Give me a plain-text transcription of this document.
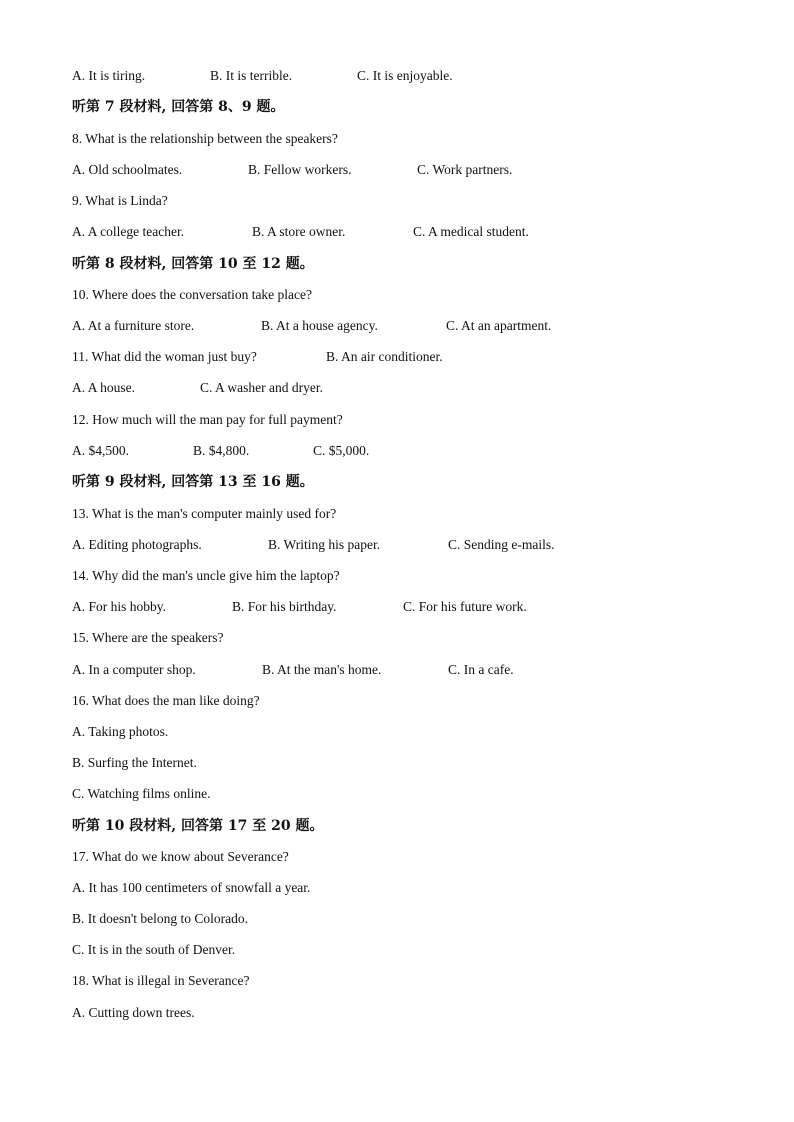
A. It is tiring.	B. It is terrible.	C. It is enjoyable.
听第 7 段材料, 回答第 8、9 题。
8. What is the relationship between the speakers?
A. Old schoolmates.	B. Fellow workers.	C. Work partners.
9. What is Linda?
A. A college teacher.	B. A store owner.	C. A medical student.
听第 8 段材料, 回答第 10 至 12 题。
10. Where does the conversation take place?
A. At a furniture store.	B. At a house agency.	C. At an apartment.
11. What did the woman just buy?	B. An air conditioner.
A. A house.	C. A washer and dryer.
12. How much will the man pay for full payment?
A. $4,500.	B. $4,800.	C. $5,000.
听第 9 段材料, 回答第 13 至 16 题。
13. What is the man's computer mainly used for?
A. Editing photographs.	B. Writing his paper.	C. Sending e-mails.
14. Why did the man's uncle give him the laptop?
A. For his hobby.	B. For his birthday.	C. For his future work.
15. Where are the speakers?
A. In a computer shop.	B. At the man's home.	C. In a cafe.
16. What does the man like doing?
A. Taking photos.
B. Surfing the Internet.
C. Watching films online.
听第 10 段材料, 回答第 17 至 20 题。
17. What do we know about Severance?
A. It has 100 centimeters of snowfall a year.
B. It doesn't belong to Colorado.
C. It is in the south of Denver.
18. What is illegal in Severance?
A. Cutting down trees.
